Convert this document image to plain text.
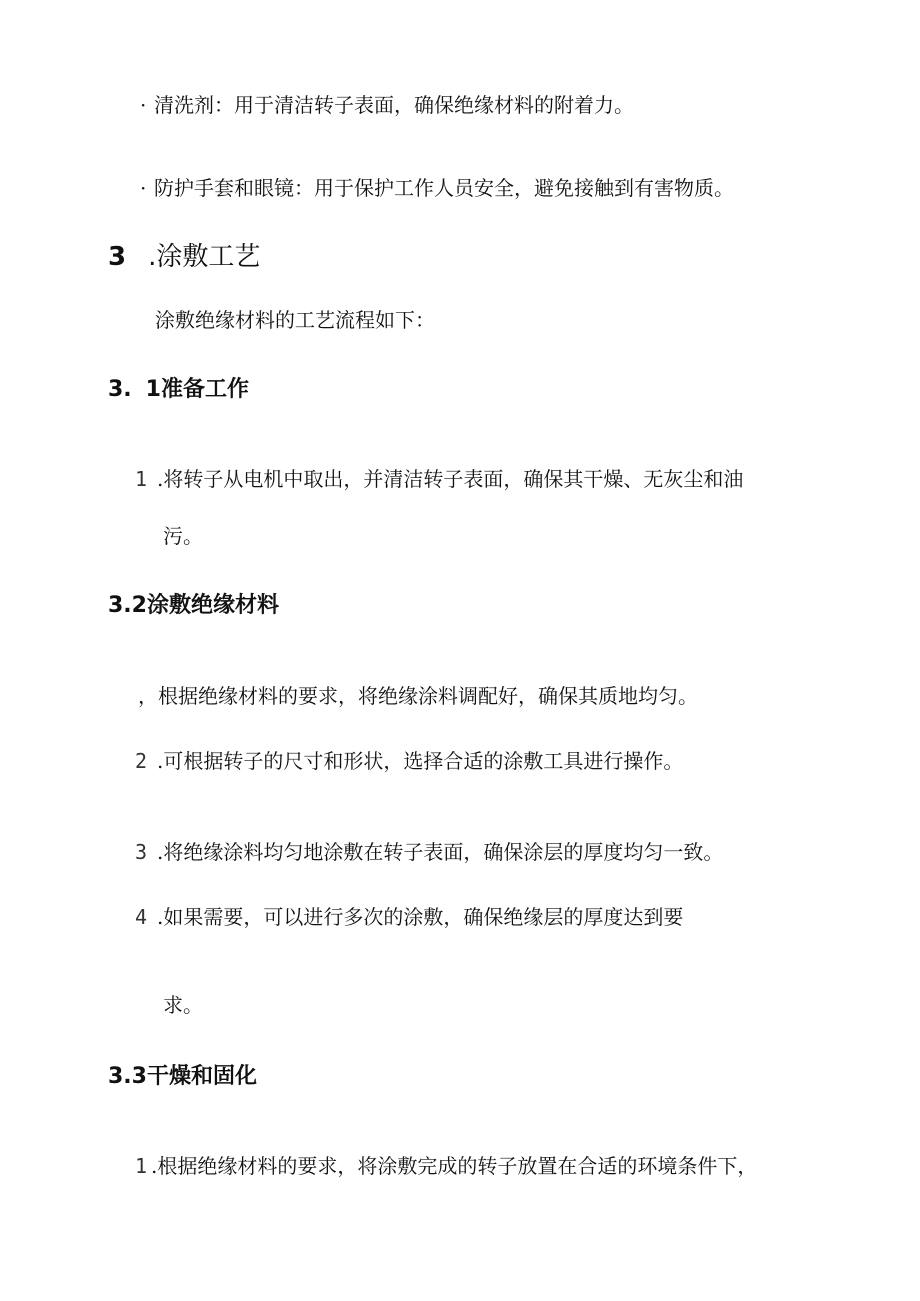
· 清洗剂：用于清洁转子表面，确保绝缘材料的附着力。
· 防护手套和眼镜：用于保护工作人员安全，避免接触到有害物质。
3 .涂敷工艺
涂敷绝缘材料的工艺流程如下：
3. 1准备工作
1 .将转子从电机中取出，并清洁转子表面，确保其干燥、无灰尘和油
污。
3.2涂敷绝缘材料
，根据绝缘材料的要求，将绝缘涂料调配好，确保其质地均匀。
2 .可根据转子的尺寸和形状，选择合适的涂敷工具进行操作。
3 .将绝缘涂料均匀地涂敷在转子表面，确保涂层的厚度均匀一致。
4 .如果需要，可以进行多次的涂敷，确保绝缘层的厚度达到要
求。
3.3干燥和固化
1 .根据绝缘材料的要求，将涂敷完成的转子放置在合适的环境条件下，
